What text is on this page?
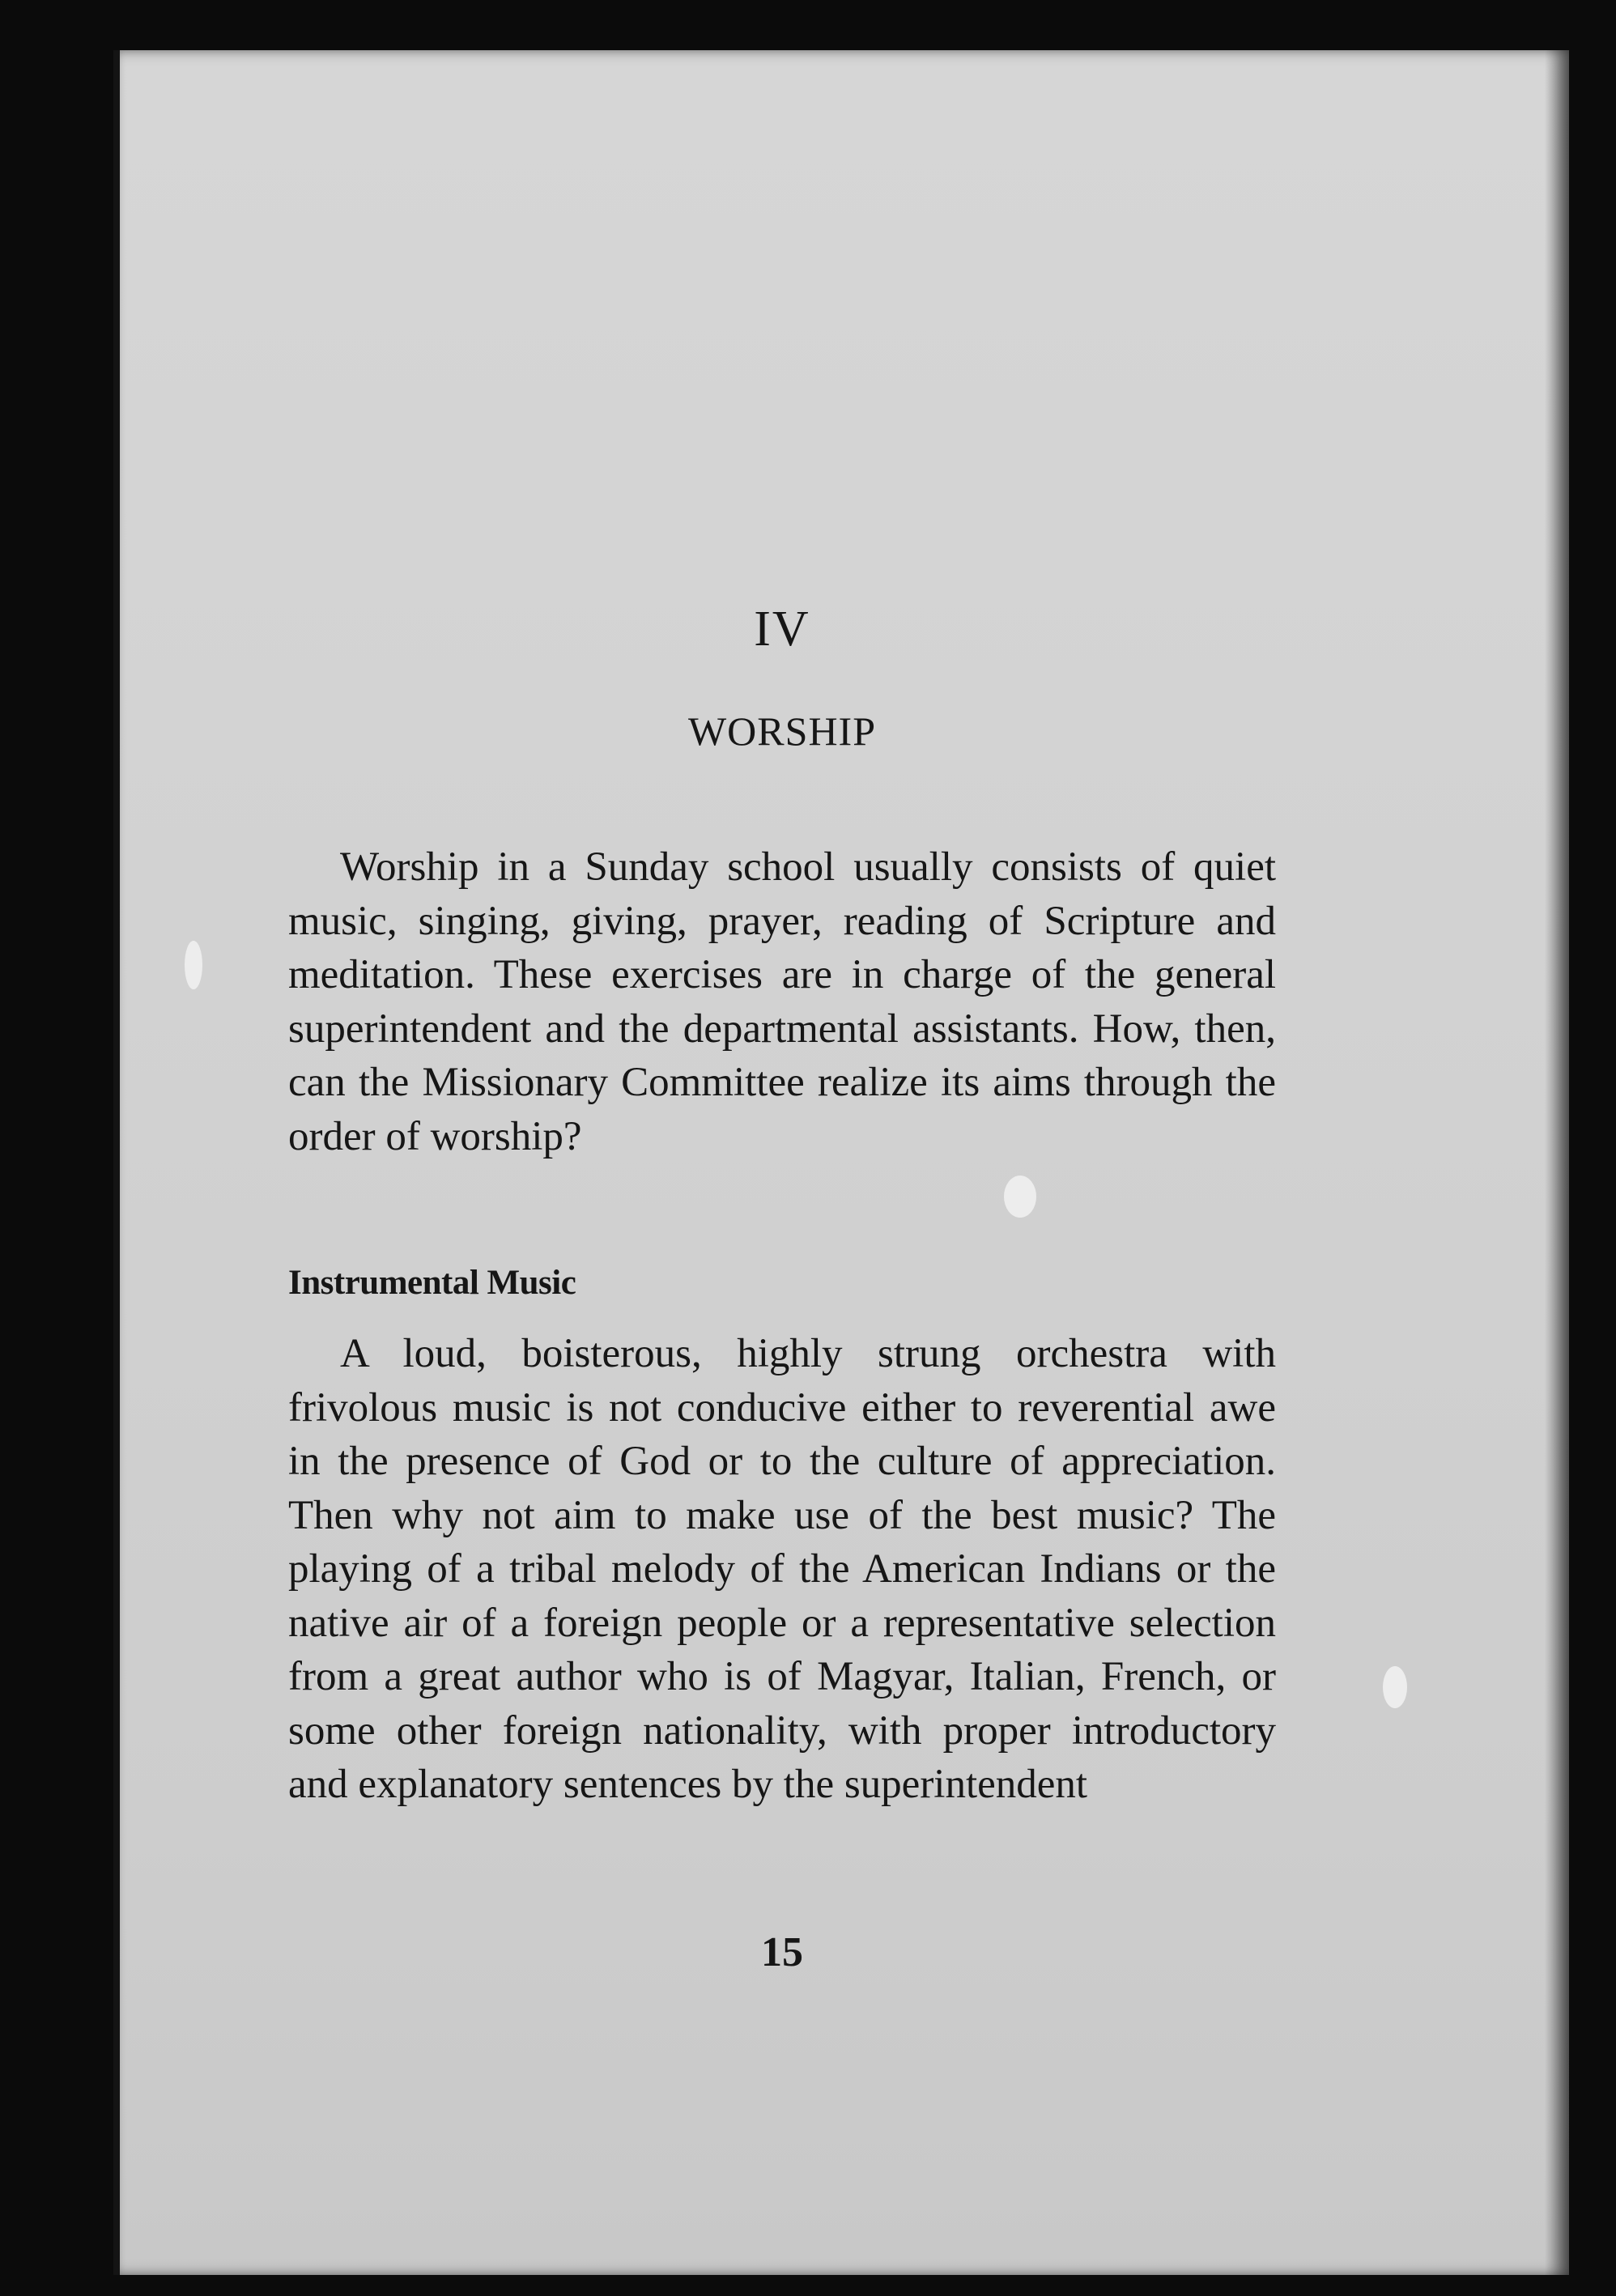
IV
WORSHIP

Worship in a Sunday school usually consists of quiet music, singing, giving, prayer, reading of Scripture and meditation. These exercises are in charge of the general superintendent and the departmental assistants. How, then, can the Missionary Committee realize its aims through the order of worship?

Instrumental Music

A loud, boisterous, highly strung orchestra with frivolous music is not conducive either to reverential awe in the presence of God or to the culture of appreciation. Then why not aim to make use of the best music? The playing of a tribal melody of the American Indians or the native air of a foreign people or a representative selection from a great author who is of Magyar, Italian, French, or some other foreign nationality, with proper introductory and explanatory sentences by the superintendent

15
